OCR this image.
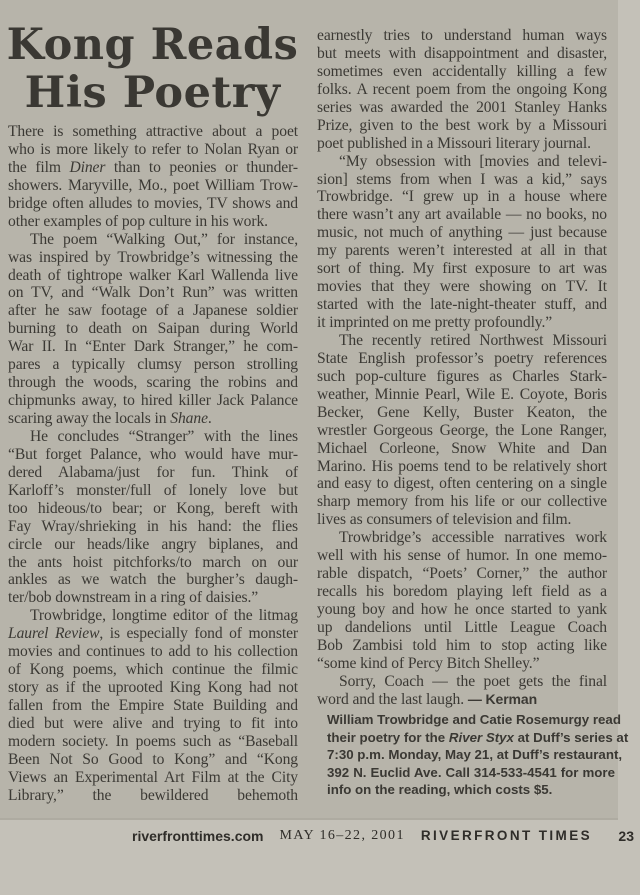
Kong Reads
His Poetry
There is something attractive about a poet
who is more likely to refer to Nolan Ryan or
the film Diner than to peonies or thunder-
showers. Maryville, Mo., poet William Trow-
bridge often alludes to movies, TV shows and
other examples of pop culture in his work.
The poem “Walking Out,” for instance,
was inspired by Trowbridge’s witnessing the
death of tightrope walker Karl Wallenda live
on TV, and “Walk Don’t Run” was written
after he saw footage of a Japanese soldier
burning to death on Saipan during World
War II. In “Enter Dark Stranger,” he com-
pares a typically clumsy person strolling
through the woods, scaring the robins and
chipmunks away, to hired killer Jack Palance
scaring away the locals in Shane.
He concludes “Stranger” with the lines
“But forget Palance, who would have mur-
dered Alabama/just for fun. Think of
Karloff’s monster/full of lonely love but
too hideous/to bear; or Kong, bereft with
Fay Wray/shrieking in his hand: the flies
circle our heads/like angry biplanes, and
the ants hoist pitchforks/to march on our
ankles as we watch the burgher’s daugh-
ter/bob downstream in a ring of daisies.”
Trowbridge, longtime editor of the litmag
Laurel Review, is especially fond of monster
movies and continues to add to his collection
of Kong poems, which continue the filmic
story as if the uprooted King Kong had not
fallen from the Empire State Building and
died but were alive and trying to fit into
modern society. In poems such as “Baseball
Been Not So Good to Kong” and “Kong
Views an Experimental Art Film at the City
Library,” the bewildered behemoth
earnestly tries to understand human ways
but meets with disappointment and disaster,
sometimes even accidentally killing a few
folks. A recent poem from the ongoing Kong
series was awarded the 2001 Stanley Hanks
Prize, given to the best work by a Missouri
poet published in a Missouri literary journal.
“My obsession with [movies and televi-
sion] stems from when I was a kid,” says
Trowbridge. “I grew up in a house where
there wasn’t any art available — no books, no
music, not much of anything — just because
my parents weren’t interested at all in that
sort of thing. My first exposure to art was
movies that they were showing on TV. It
started with the late-night-theater stuff, and
it imprinted on me pretty profoundly.”
The recently retired Northwest Missouri
State English professor’s poetry references
such pop-culture figures as Charles Stark-
weather, Minnie Pearl, Wile E. Coyote, Boris
Becker, Gene Kelly, Buster Keaton, the
wrestler Gorgeous George, the Lone Ranger,
Michael Corleone, Snow White and Dan
Marino. His poems tend to be relatively short
and easy to digest, often centering on a single
sharp memory from his life or our collective
lives as consumers of television and film.
Trowbridge’s accessible narratives work
well with his sense of humor. In one memo-
rable dispatch, “Poets’ Corner,” the author
recalls his boredom playing left field as a
young boy and how he once started to yank
up dandelions until Little League Coach
Bob Zambisi told him to stop acting like
“some kind of Percy Bitch Shelley.”
Sorry, Coach — the poet gets the final
word and the last laugh. — Kerman
William Trowbridge and Catie Rosemurgy read
their poetry for the River Styx at Duff’s series at
7:30 p.m. Monday, May 21, at Duff’s restaurant,
392 N. Euclid Ave. Call 314-533-4541 for more
info on the reading, which costs $5.
riverfronttimes.com MAY 16–22, 2001 RIVERFRONT TIMES 23
